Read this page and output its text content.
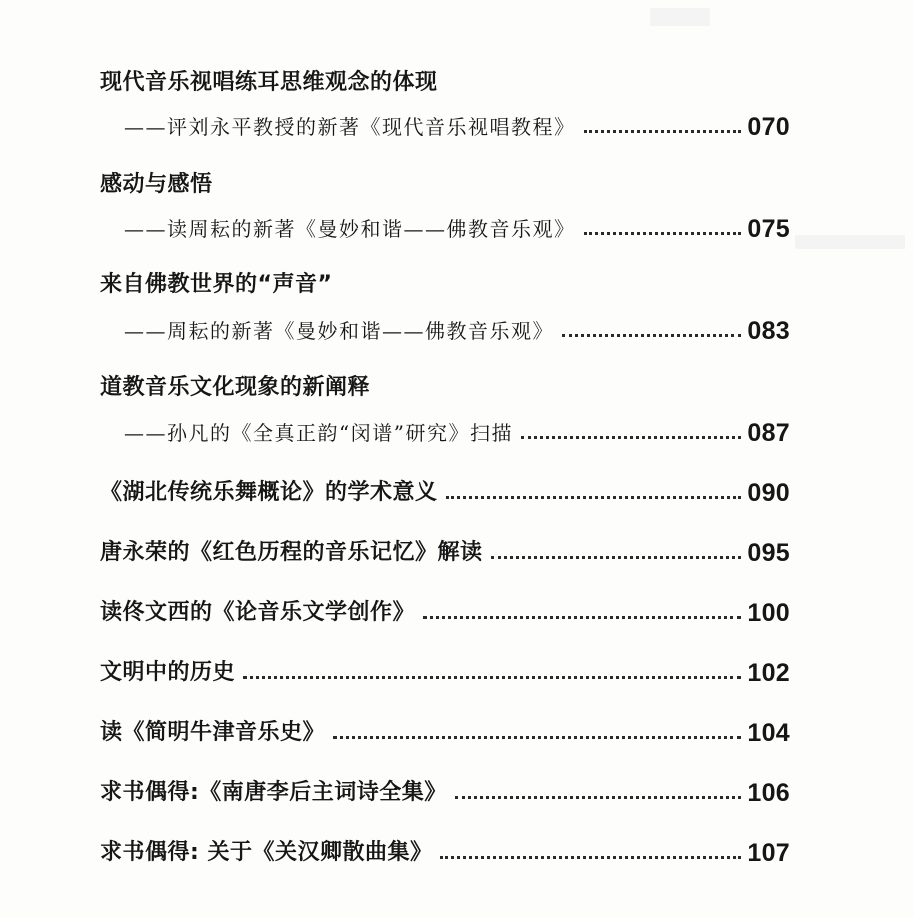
现代音乐视唱练耳思维观念的体现
——评刘永平教授的新著《现代音乐视唱教程》	070
感动与感悟
——读周耘的新著《曼妙和谐——佛教音乐观》	075
来自佛教世界的“声音”
——周耘的新著《曼妙和谐——佛教音乐观》	083
道教音乐文化现象的新阐释
——孙凡的《全真正韵“闵谱”研究》扫描	087
《湖北传统乐舞概论》的学术意义	090
唐永荣的《红色历程的音乐记忆》解读	095
读佟文西的《论音乐文学创作》	100
文明中的历史	102
读《简明牛津音乐史》	104
求书偶得:《南唐李后主词诗全集》	106
求书偶得: 关于《关汉卿散曲集》	107
